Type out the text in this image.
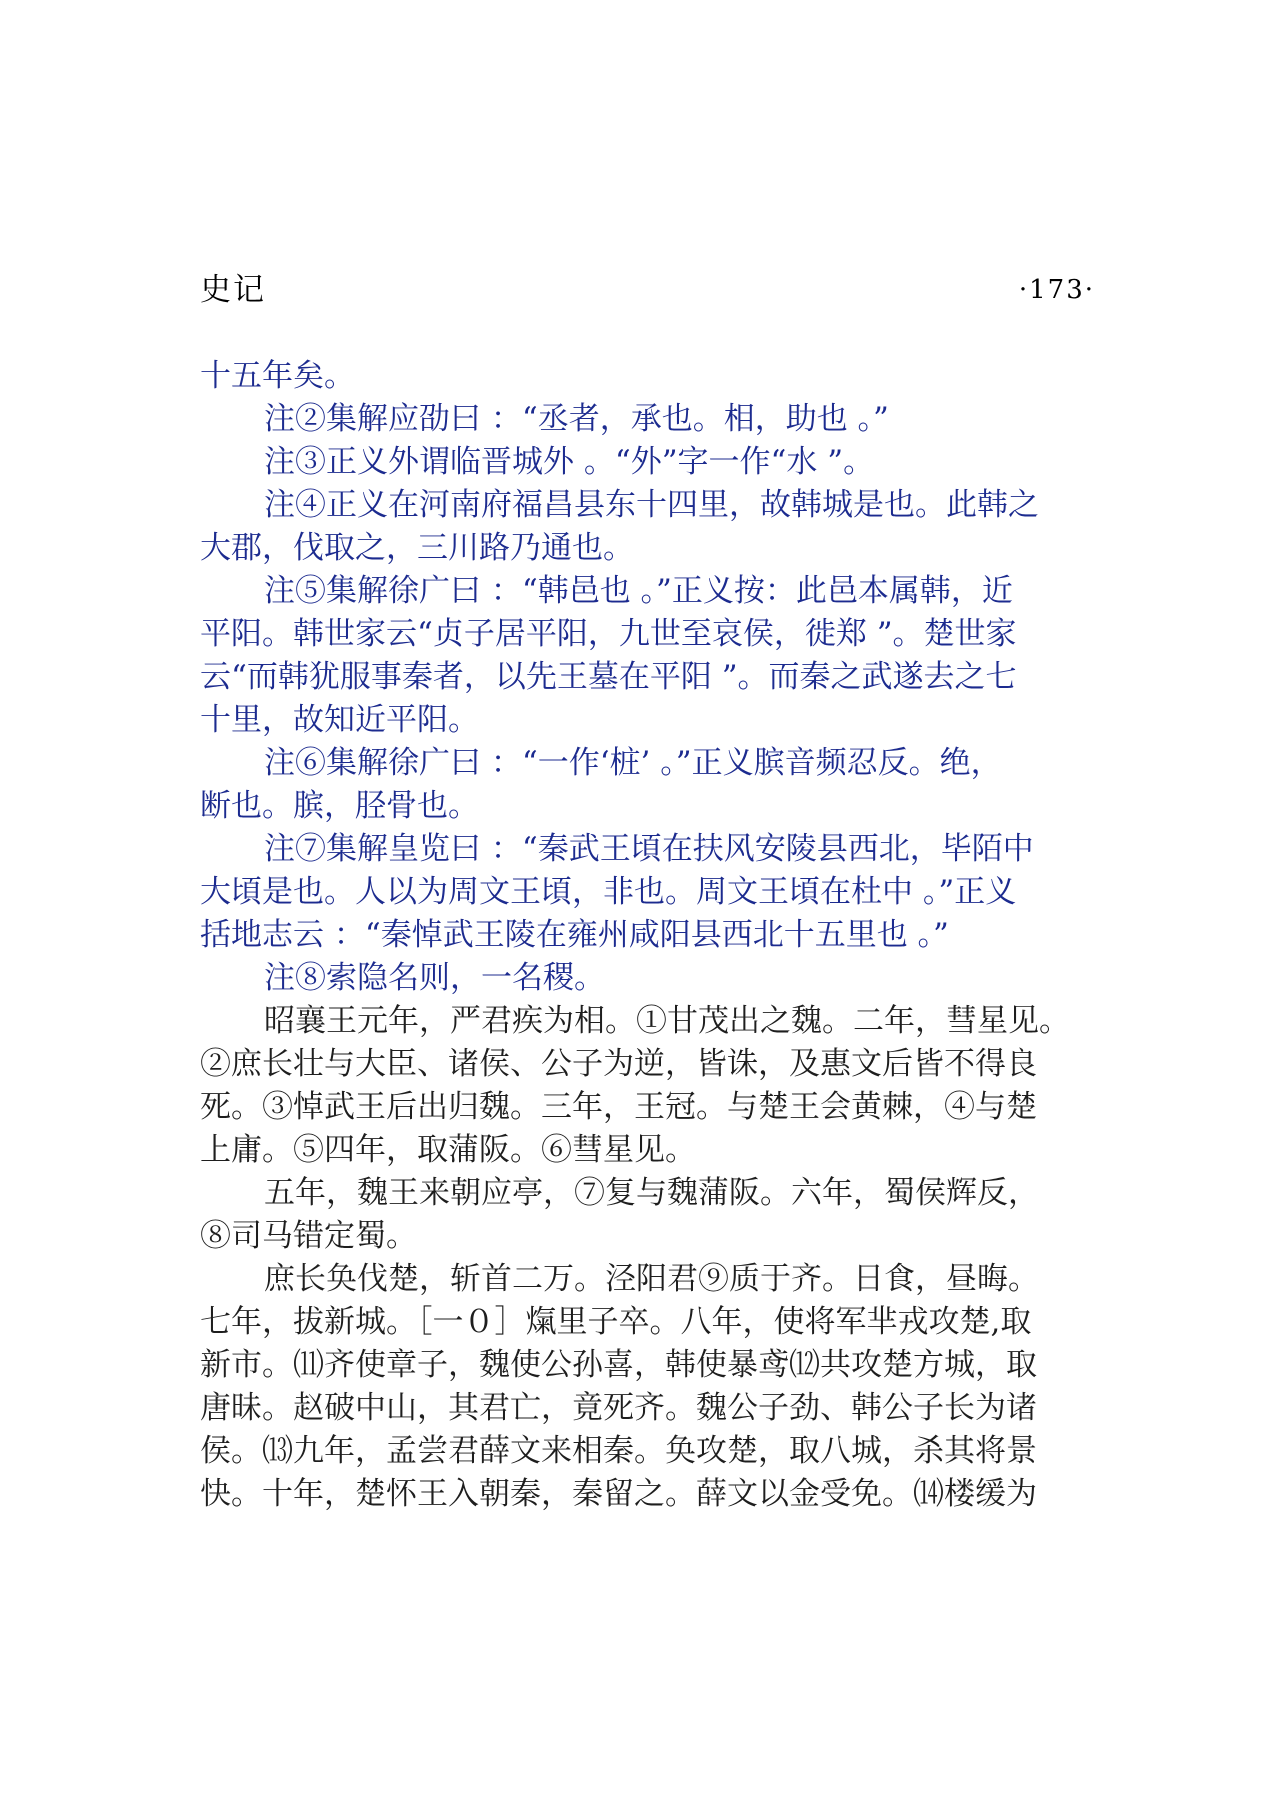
史记	·173·
十五年矣。
注②集解应劭曰 ：“丞者，承也。相，助也 。”
注③正义外谓临晋城外 。“外”字一作“水 ”。
注④正义在河南府福昌县东十四里，故韩城是也。此韩之
大郡，伐取之，三川路乃通也。
注⑤集解徐广曰 ：“韩邑也 。”正义按：此邑本属韩，近
平阳。韩世家云“贞子居平阳，九世至哀侯，徙郑 ”。楚世家
云“而韩犹服事秦者，以先王墓在平阳 ”。而秦之武遂去之七
十里，故知近平阳。
注⑥集解徐广曰 ：“一作‘桩’ 。”正义膑音频忍反。绝，
断也。膑，胫骨也。
注⑦集解皇览曰 ：“秦武王頃在扶风安陵县西北，毕陌中
大頃是也。人以为周文王頃，非也。周文王頃在杜中 。”正义
括地志云 ：“秦悼武王陵在雍州咸阳县西北十五里也 。”
注⑧索隐名则，一名稷。
昭襄王元年，严君疾为相。①甘茂出之魏。二年，彗星见。
②庶长壮与大臣、诸侯、公子为逆，皆诛，及惠文后皆不得良
死。③悼武王后出归魏。三年，王冠。与楚王会黄棘，④与楚
上庸。⑤四年，取蒲阪。⑥彗星见。
五年，魏王来朝应亭，⑦复与魏蒲阪。六年，蜀侯辉反，
⑧司马错定蜀。
庶长奂伐楚，斩首二万。泾阳君⑨质于齐。日食，昼晦。
七年，拔新城。［一０］熂里子卒。八年，使将军芈戎攻楚,取
新市。⑾齐使章子，魏使公孙喜，韩使暴鸢⑿共攻楚方城，取
唐昧。赵破中山，其君亡，竟死齐。魏公子劲、韩公子长为诸
侯。⒀九年，孟尝君薛文来相秦。奂攻楚，取八城，杀其将景
快。十年，楚怀王入朝秦，秦留之。薛文以金受免。⒁楼缓为
